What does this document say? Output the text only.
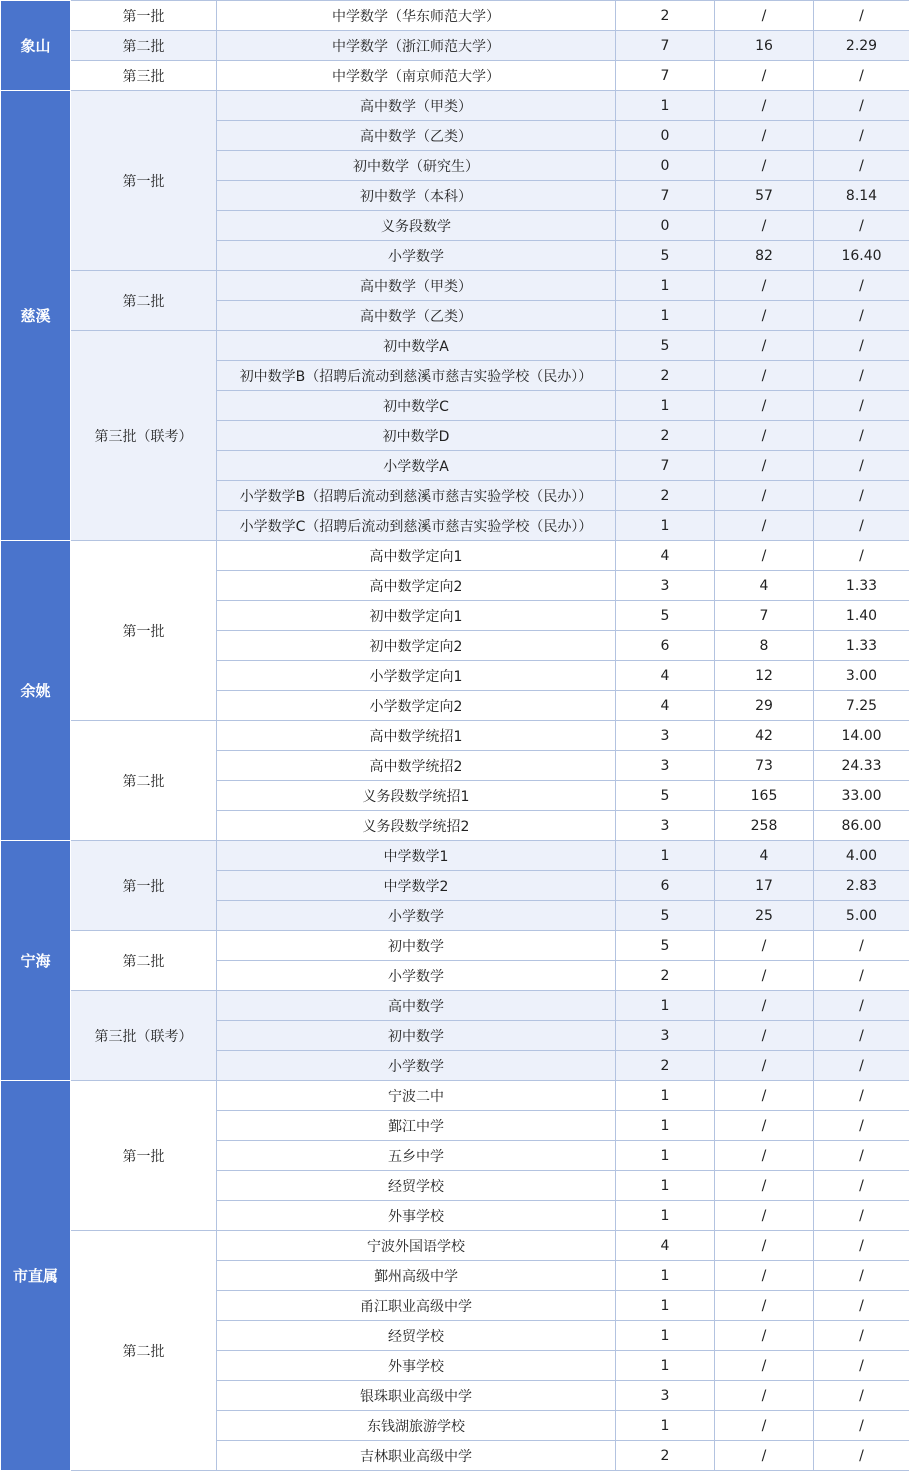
象山	第一批	中学数学（华东师范大学）	2	/	/
	第二批	中学数学（浙江师范大学）	7	16	2.29
	第三批	中学数学（南京师范大学）	7	/	/
慈溪	第一批	高中数学（甲类）	1	/	/
		高中数学（乙类）	0	/	/
		初中数学（研究生）	0	/	/
		初中数学（本科）	7	57	8.14
		义务段数学	0	/	/
		小学数学	5	82	16.40
	第二批	高中数学（甲类）	1	/	/
		高中数学（乙类）	1	/	/
	第三批（联考）	初中数学A	5	/	/
		初中数学B（招聘后流动到慈溪市慈吉实验学校（民办））	2	/	/
		初中数学C	1	/	/
		初中数学D	2	/	/
		小学数学A	7	/	/
		小学数学B（招聘后流动到慈溪市慈吉实验学校（民办））	2	/	/
		小学数学C（招聘后流动到慈溪市慈吉实验学校（民办））	1	/	/
余姚	第一批	高中数学定向1	4	/	/
		高中数学定向2	3	4	1.33
		初中数学定向1	5	7	1.40
		初中数学定向2	6	8	1.33
		小学数学定向1	4	12	3.00
		小学数学定向2	4	29	7.25
	第二批	高中数学统招1	3	42	14.00
		高中数学统招2	3	73	24.33
		义务段数学统招1	5	165	33.00
		义务段数学统招2	3	258	86.00
宁海	第一批	中学数学1	1	4	4.00
		中学数学2	6	17	2.83
		小学数学	5	25	5.00
	第二批	初中数学	5	/	/
		小学数学	2	/	/
	第三批（联考）	高中数学	1	/	/
		初中数学	3	/	/
		小学数学	2	/	/
市直属	第一批	宁波二中	1	/	/
		鄞江中学	1	/	/
		五乡中学	1	/	/
		经贸学校	1	/	/
		外事学校	1	/	/
	第二批	宁波外国语学校	4	/	/
		鄞州高级中学	1	/	/
		甬江职业高级中学	1	/	/
		经贸学校	1	/	/
		外事学校	1	/	/
		银珠职业高级中学	3	/	/
		东钱湖旅游学校	1	/	/
		吉林职业高级中学	2	/	/
